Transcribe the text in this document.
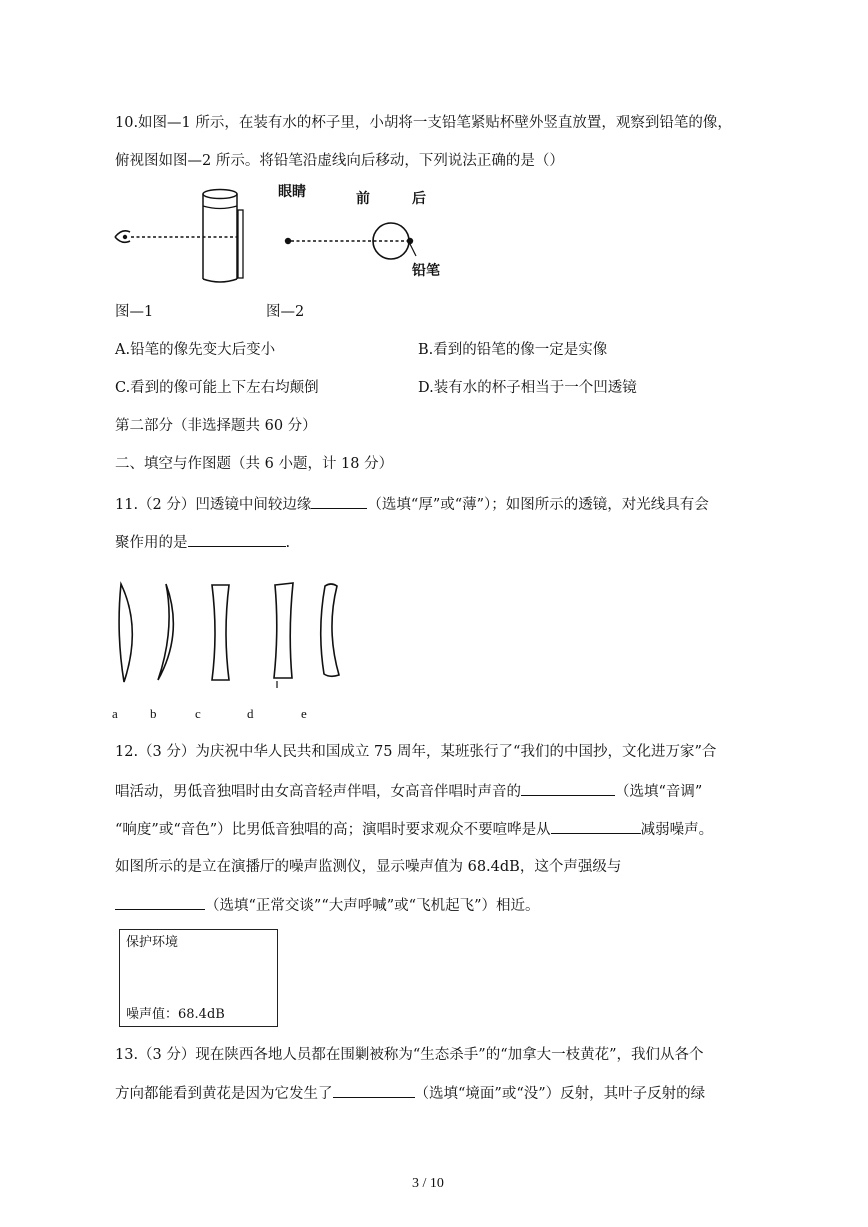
10.如图—1 所示，在装有水的杯子里，小胡将一支铅笔紧贴杯壁外竖直放置，观察到铅笔的像，
俯视图如图—2 所示。将铅笔沿虚线向后移动，下列说法正确的是（）
眼睛	前	后
铅笔
图—1	图—2
A.铅笔的像先变大后变小	B.看到的铅笔的像一定是实像
C.看到的像可能上下左右均颠倒	D.装有水的杯子相当于一个凹透镜
第二部分（非选择题共 60 分）
二、填空与作图题（共 6 小题，计 18 分）
11.（2 分）凹透镜中间较边缘	（选填“厚”或“薄”）；如图所示的透镜，对光线具有会
聚作用的是	.
a b	c	d	e
12.（3 分）为庆祝中华人民共和国成立 75 周年，某班张行了“我们的中国抄，文化进万家”合
唱活动，男低音独唱时由女高音轻声伴唱，女高音伴唱时声音的	（选填“音调”
“响度”或“音色”）比男低音独唱的高；演唱时要求观众不要喧哗是从	减弱噪声。
如图所示的是立在演播厅的噪声监测仪，显示噪声值为 68.4dB，这个声强级与
（选填“正常交谈”“大声呼喊”或“飞机起飞”）相近。
保护环境
噪声值：68.4dB
13.（3 分）现在陕西各地人员都在围剿被称为“生态杀手”的“加拿大一枝黄花”，我们从各个
方向都能看到黄花是因为它发生了	（选填“境面”或“没”）反射，其叶子反射的绿
3 / 10
